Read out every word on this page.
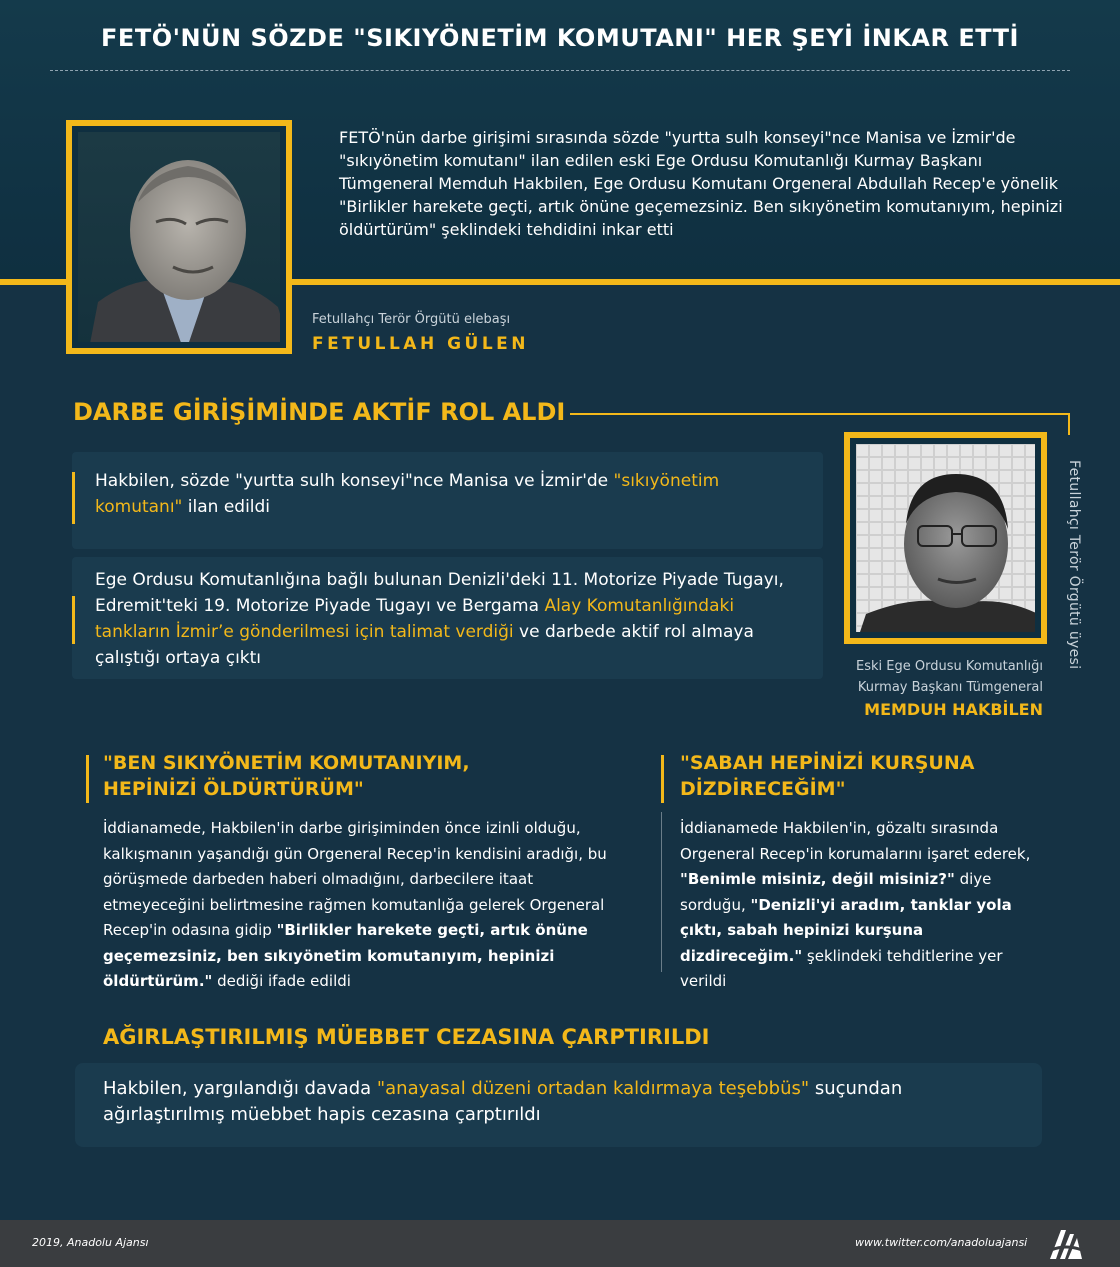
FETÖ'NÜN SÖZDE "SIKIYÖNETİM KOMUTANI" HER ŞEYİ İNKAR ETTİ
FETÖ'nün darbe girişimi sırasında sözde "yurtta sulh konseyi"nce Manisa ve İzmir'de "sıkıyönetim komutanı" ilan edilen eski Ege Ordusu Komutanlığı Kurmay Başkanı Tümgeneral Memduh Hakbilen, Ege Ordusu Komutanı Orgeneral Abdullah Recep'e yönelik "Birlikler harekete geçti, artık önüne geçemezsiniz. Ben sıkıyönetim komutanıyım, hepinizi öldürtürüm" şeklindeki tehdidini inkar etti
Fetullahçı Terör Örgütü elebaşı
FETULLAH GÜLEN
DARBE GİRİŞİMİNDE AKTİF ROL ALDI
Hakbilen, sözde "yurtta sulh konseyi"nce Manisa ve İzmir'de "sıkıyönetim komutanı" ilan edildi
Ege Ordusu Komutanlığına bağlı bulunan Denizli'deki 11. Motorize Piyade Tugayı, Edremit'teki 19. Motorize Piyade Tugayı ve Bergama Alay Komutanlığındaki tankların İzmir’e gönderilmesi için talimat verdiği ve darbede aktif rol almaya çalıştığı ortaya çıktı	Fetullahçı Terör Örgütü üyesi
Eski Ege Ordusu Komutanlığı
Kurmay Başkanı Tümgeneral
MEMDUH HAKBİLEN
"BEN SIKIYÖNETİM KOMUTANIYIM,
HEPİNİZİ ÖLDÜRTÜRÜM"
İddianamede, Hakbilen'in darbe girişiminden önce izinli olduğu, kalkışmanın yaşandığı gün Orgeneral Recep'in kendisini aradığı, bu görüşmede darbeden haberi olmadığını, darbecilere itaat etmeyeceğini belirtmesine rağmen komutanlığa gelerek Orgeneral Recep'in odasına gidip "Birlikler harekete geçti, artık önüne geçemezsiniz, ben sıkıyönetim komutanıyım, hepinizi öldürtürüm." dediği ifade edildi
"SABAH HEPİNİZİ KURŞUNA
DİZDİRECEĞİM"
İddianamede Hakbilen'in, gözaltı sırasında Orgeneral Recep'in korumalarını işaret ederek, "Benimle misiniz, değil misiniz?" diye sorduğu, "Denizli'yi aradım, tanklar yola çıktı, sabah hepinizi kurşuna dizdireceğim." şeklindeki tehditlerine yer verildi
AĞIRLAŞTIRILMIŞ MÜEBBET CEZASINA ÇARPTIRILDI
Hakbilen, yargılandığı davada "anayasal düzeni ortadan kaldırmaya teşebbüs" suçundan ağırlaştırılmış müebbet hapis cezasına çarptırıldı
2019, Anadolu Ajansı	www.twitter.com/anadoluajansi
